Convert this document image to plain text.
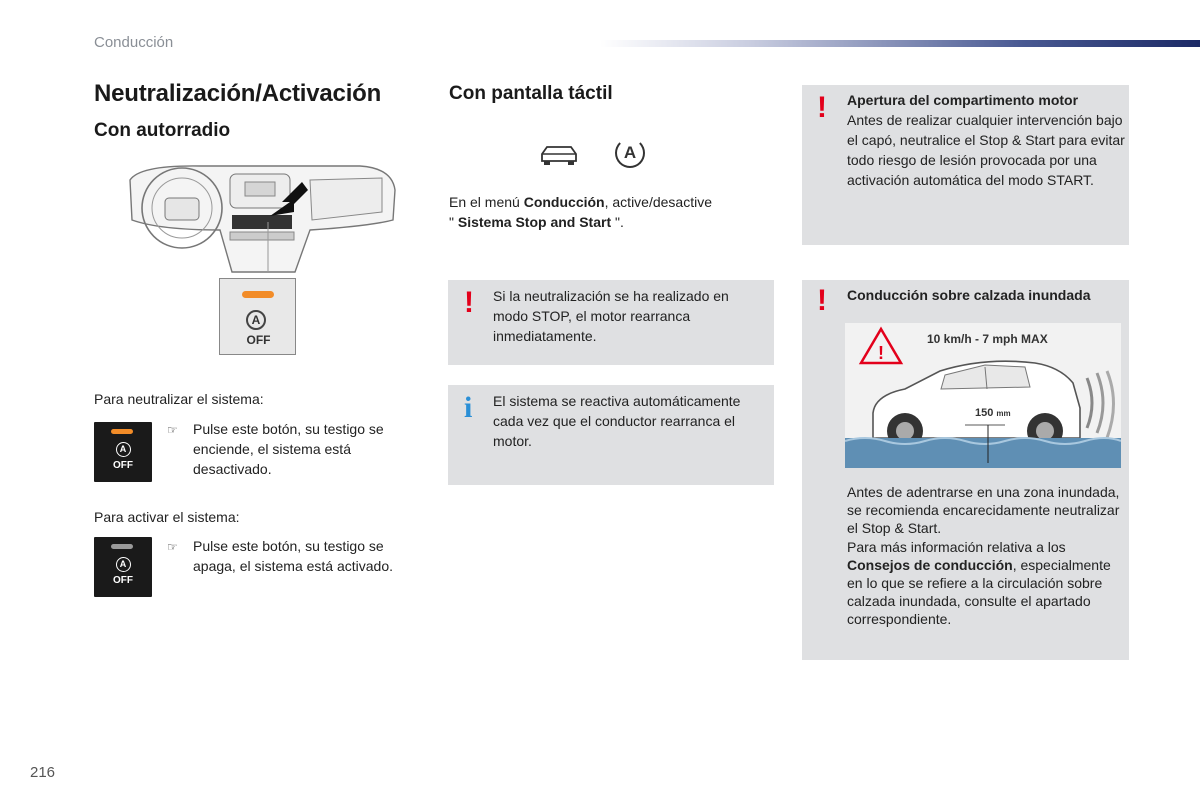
Conducción
Neutralización/Activación
Con autorradio
A
OFF
Para neutralizar el sistema:
A
OFF
☞ Pulse este botón, su testigo se enciende, el sistema está desactivado.
Para activar el sistema:
A
OFF
☞ Pulse este botón, su testigo se apaga, el sistema está activado.
Con pantalla táctil
A
En el menú Conducción, active/desactive
" Sistema Stop and Start ".
! Si la neutralización se ha realizado en modo STOP, el motor rearranca inmediatamente.
i El sistema se reactiva automáticamente cada vez que el conductor rearranca el motor.
! Apertura del compartimento motor
Antes de realizar cualquier intervención bajo el capó, neutralice el Stop & Start para evitar todo riesgo de lesión provocada por una activación automática del modo START.
! Conducción sobre calzada inundada
!
10 km/h - 7 mph MAX
150 mm
Antes de adentrarse en una zona inundada, se recomienda encarecidamente neutralizar el Stop & Start.
Para más información relativa a los Consejos de conducción, especialmente en lo que se refiere a la circulación sobre calzada inundada, consulte el apartado correspondiente.
216
